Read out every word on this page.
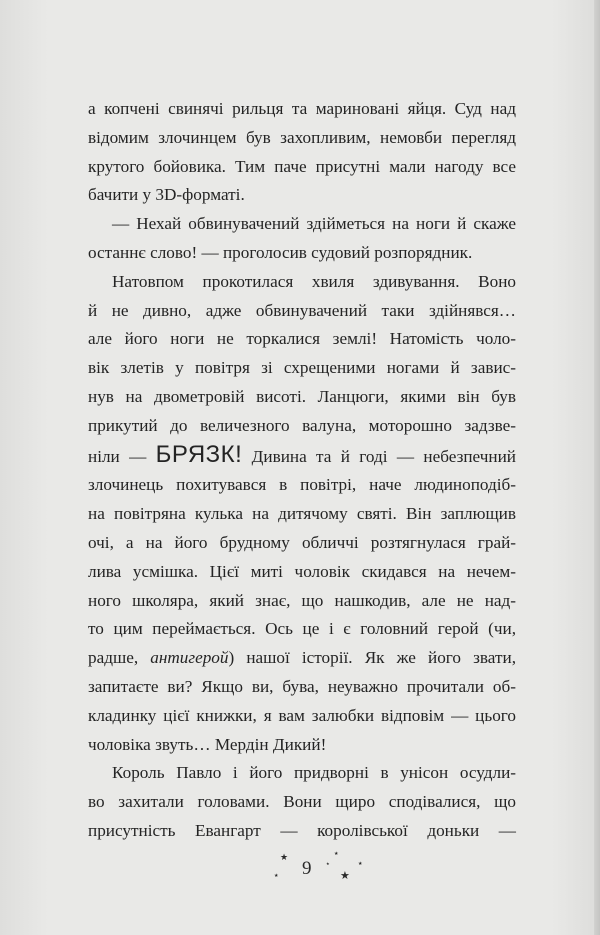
а копчені свинячі рильця та мариновані яйця. Суд над
відомим злочинцем був захопливим, немовби перегляд
крутого бойовика. Тим паче присутні мали нагоду все
бачити у 3D-форматі.
— Нехай обвинувачений здійметься на ноги й скаже
останнє слово! — проголосив судовий розпорядник.
Натовпом прокотилася хвиля здивування. Воно
й не дивно, адже обвинувачений таки здійнявся…
але його ноги не торкалися землі! Натомість чоло-
вік злетів у повітря зі схрещеними ногами й завис-
нув на двометровій висоті. Ланцюги, якими він був
прикутий до величезного валуна, моторошно задзве-
ніли — БРЯЗК! Дивина та й годі — небезпечний
злочинець похитувався в повітрі, наче людиноподіб-
на повітряна кулька на дитячому святі. Він заплющив
очі, а на його брудному обличчі розтягнулася грай-
лива усмішка. Цієї миті чоловік скидався на нечем-
ного школяра, який знає, що нашкодив, але не над-
то цим переймається. Ось це і є головний герой (чи,
радше, антигерой) нашої історії. Як же його звати,
запитаєте ви? Якщо ви, бува, неуважно прочитали об-
кладинку цієї книжки, я вам залюбки відповім — цього
чоловіка звуть… Мердін Дикий!
Король Павло і його придворні в унісон осудли-
во захитали головами. Вони щиро сподівалися, що
присутність Евангарт — королівської доньки —
★
★ 9
★
★
★
★
